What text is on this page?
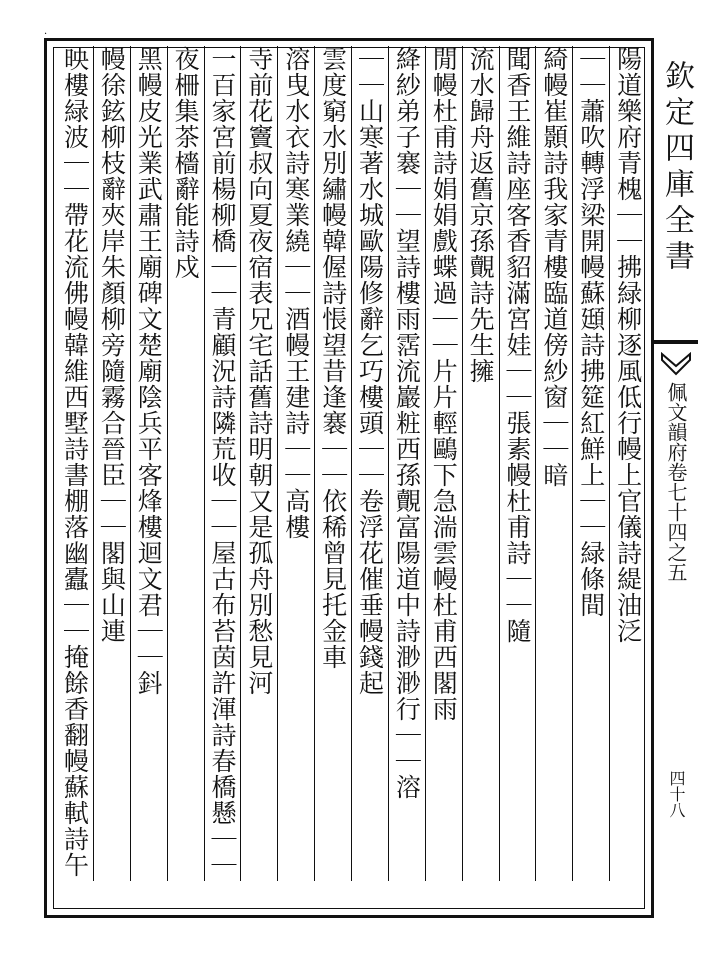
·
陽道樂府青槐｜｜拂緑柳逐風低行幔上官儀詩緹油泛
｜｜蕭吹轉浮梁開幔蘇頲詩拂筵紅鮮上｜｜緑條間
綺幔崔顥詩我家青樓臨道傍紗窗｜｜暗
聞香王維詩座客香貂滿宮娃｜｜張素幔杜甫詩｜｜隨
流水歸舟返舊京孫覿詩先生擁
閒幔杜甫詩娟娟戲蝶過｜｜片片輕鷗下急湍雲幔杜甫西閣雨
絳紗弟子褰｜｜望詩樓雨霑流巖粧西孫覿富陽道中詩渺渺行｜｜溶
｜｜山寒著水城歐陽修辭乞巧樓頭｜｜卷浮花催垂幔錢起
雲度窮水別繡幔韓偓詩悵望昔逢褰｜｜依稀曾見托金車
溶曳水衣詩寒業繞｜｜酒幔王建詩｜｜高樓
寺前花竇叔向夏夜宿表兄宅話舊詩明朝又是孤舟別愁見河
一百家宮前楊柳橋｜｜青顧況詩隣荒收｜｜屋古布苔茵許渾詩春橋懸｜｜
夜柵集茶檣辭能詩戍
黑幔皮光業武肅王廟碑文楚廟陰兵平客烽樓迴文君｜｜鈄
幔徐鉉柳枝辭夾岸朱顏柳旁隨霧合晉臣｜｜閣與山連
映樓緑波｜｜帶花流佛幔韓維西墅詩書棚落幽蠹｜｜掩餘香翻幔蘇軾詩午	欽定四庫全書
佩文韻府卷七十四之五
四十八
